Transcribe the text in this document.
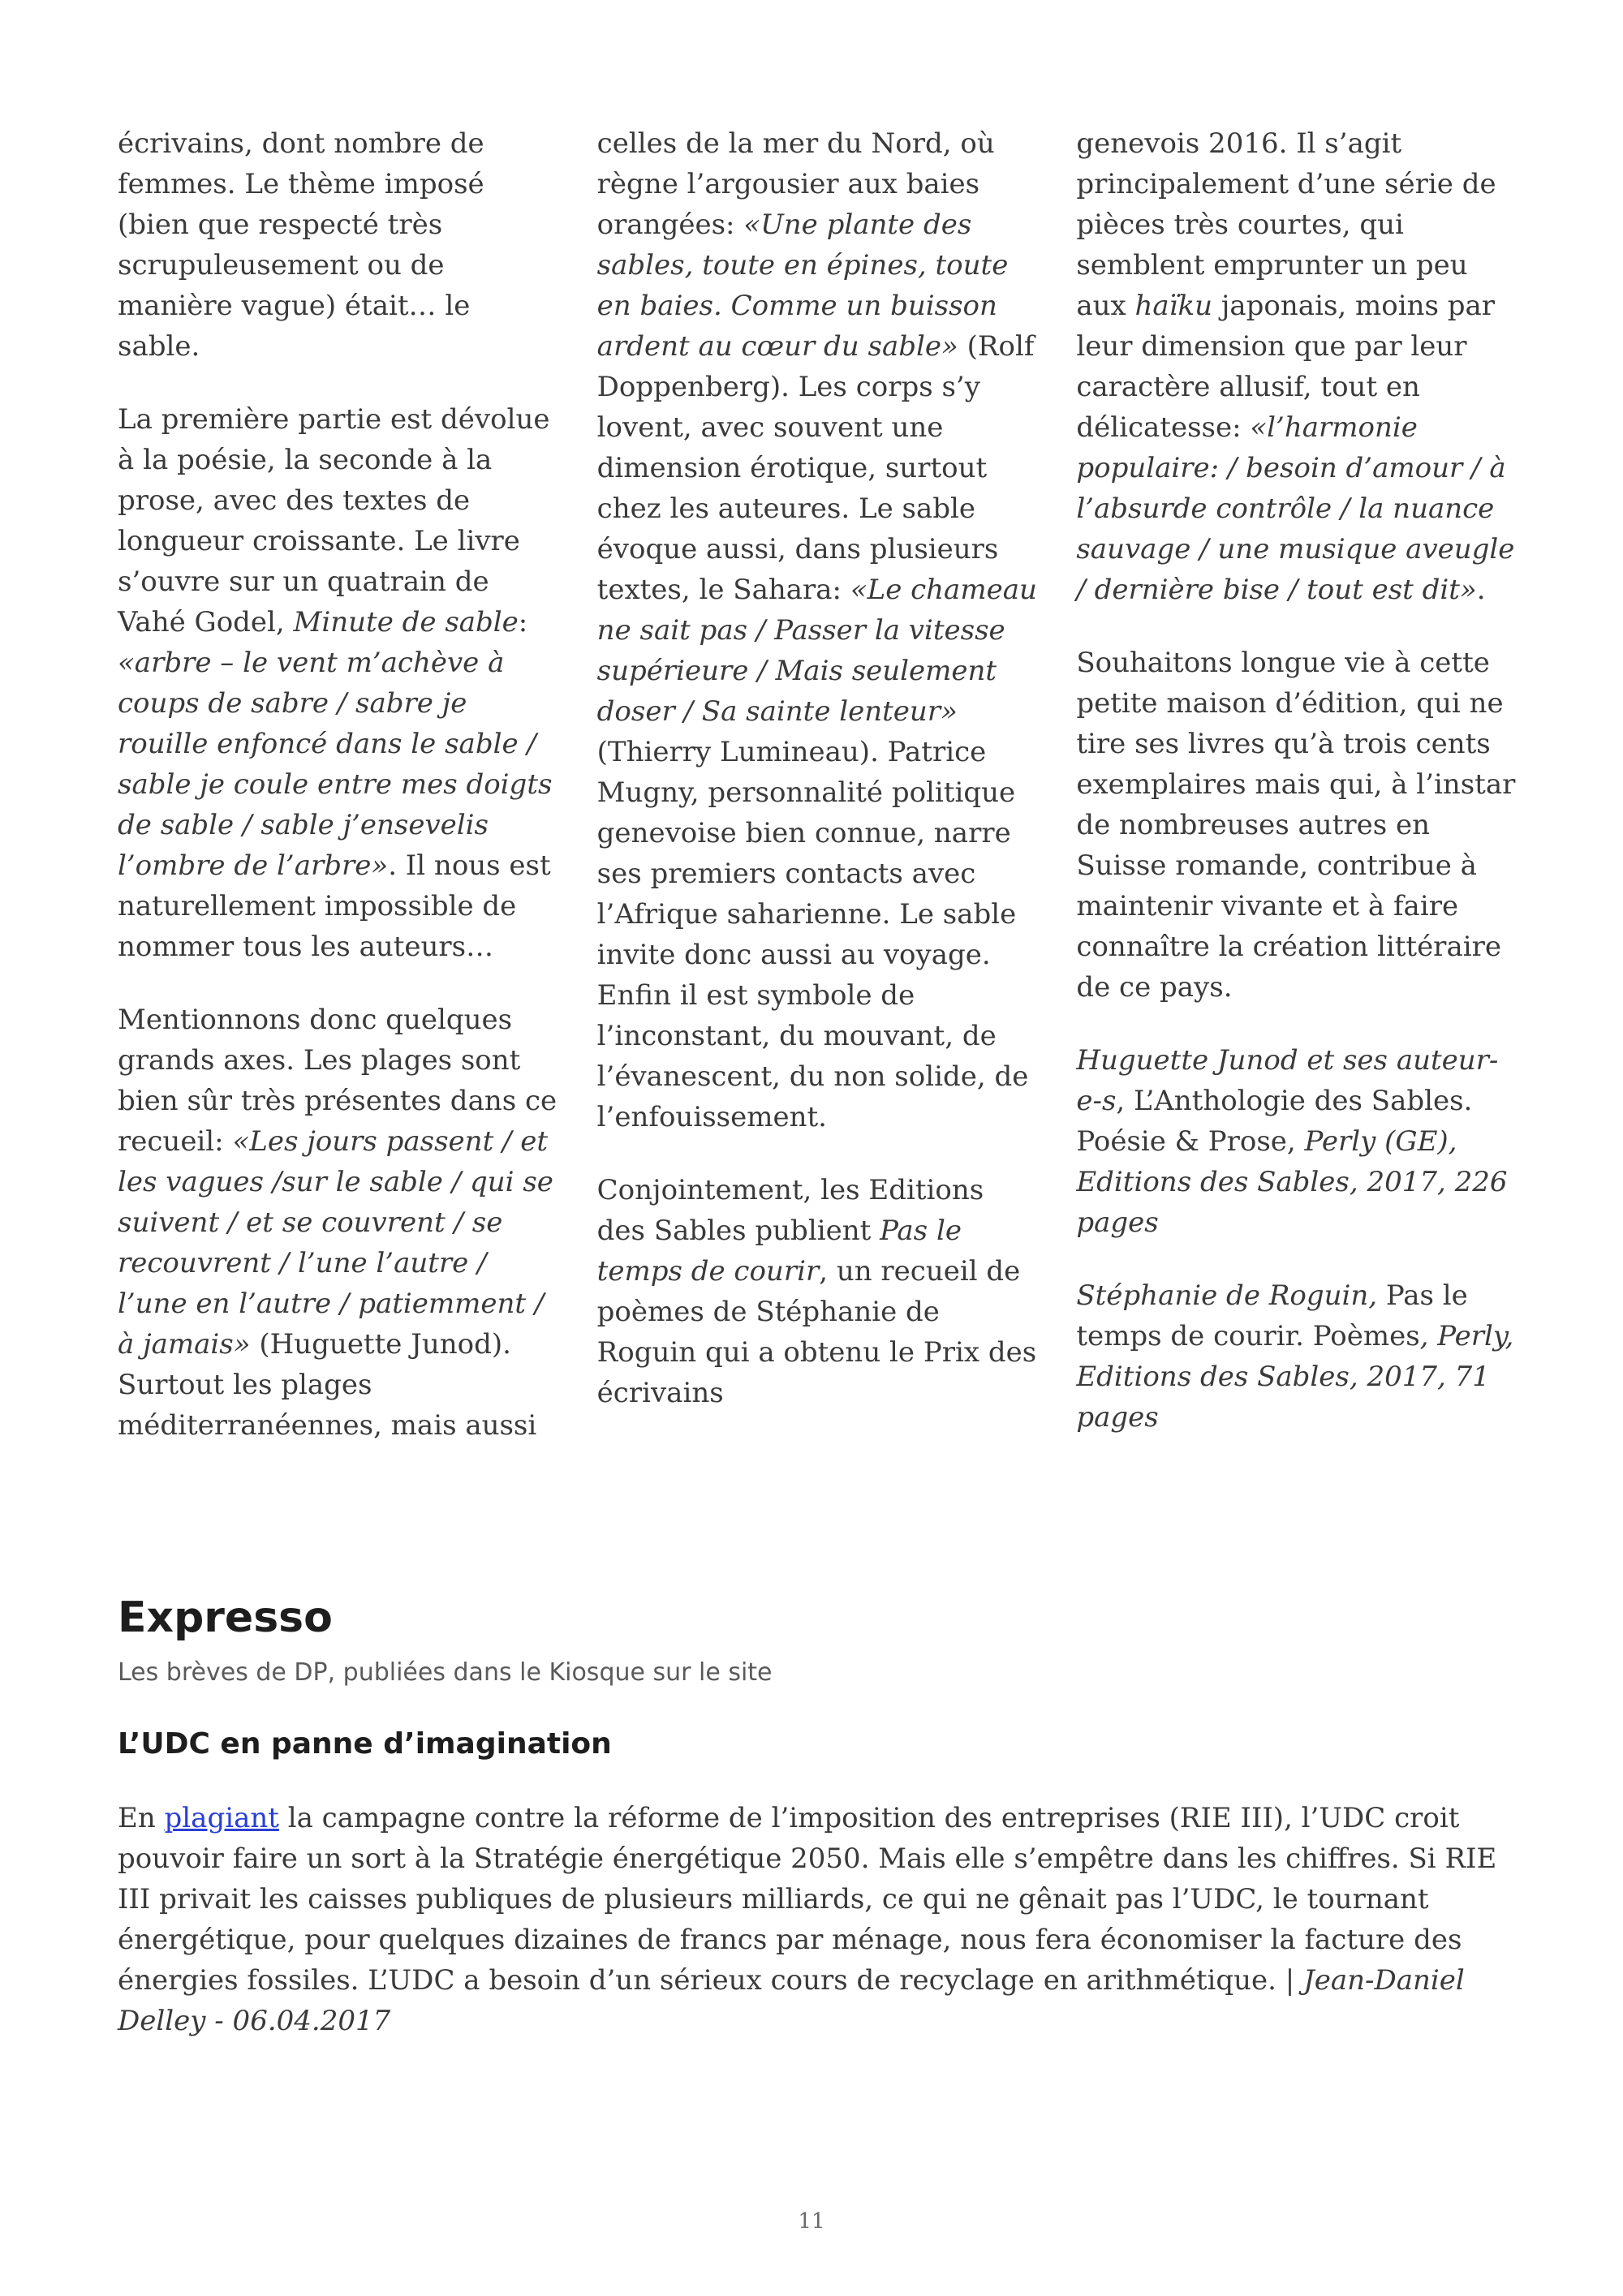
écrivains, dont nombre de femmes. Le thème imposé (bien que respecté très scrupuleusement ou de manière vague) était… le sable.

La première partie est dévolue à la poésie, la seconde à la prose, avec des textes de longueur croissante. Le livre s’ouvre sur un quatrain de Vahé Godel, Minute de sable: «arbre – le vent m’achève à coups de sabre / sabre je rouille enfoncé dans le sable / sable je coule entre mes doigts de sable / sable j’ensevelis l’ombre de l’arbre». Il nous est naturellement impossible de nommer tous les auteurs…

Mentionnons donc quelques grands axes. Les plages sont bien sûr très présentes dans ce recueil: «Les jours passent / et les vagues /sur le sable / qui se suivent / et se couvrent / se recouvrent / l’une l’autre / l’une en l’autre / patiemment / à jamais» (Huguette Junod). Surtout les plages méditerranéennes, mais aussi

celles de la mer du Nord, où règne l’argousier aux baies orangées: «Une plante des sables, toute en épines, toute en baies. Comme un buisson ardent au cœur du sable» (Rolf Doppenberg). Les corps s’y lovent, avec souvent une dimension érotique, surtout chez les auteures. Le sable évoque aussi, dans plusieurs textes, le Sahara: «Le chameau ne sait pas / Passer la vitesse supérieure / Mais seulement doser / Sa sainte lenteur» (Thierry Lumineau). Patrice Mugny, personnalité politique genevoise bien connue, narre ses premiers contacts avec l’Afrique saharienne. Le sable invite donc aussi au voyage. Enfin il est symbole de l’inconstant, du mouvant, de l’évanescent, du non solide, de l’enfouissement.

Conjointement, les Editions des Sables publient Pas le temps de courir, un recueil de poèmes de Stéphanie de Roguin qui a obtenu le Prix des écrivains

genevois 2016. Il s’agit principalement d’une série de pièces très courtes, qui semblent emprunter un peu aux haïku japonais, moins par leur dimension que par leur caractère allusif, tout en délicatesse: «l’harmonie populaire: / besoin d’amour / à l’absurde contrôle / la nuance sauvage / une musique aveugle / dernière bise / tout est dit».

Souhaitons longue vie à cette petite maison d’édition, qui ne tire ses livres qu’à trois cents exemplaires mais qui, à l’instar de nombreuses autres en Suisse romande, contribue à maintenir vivante et à faire connaître la création littéraire de ce pays.

Huguette Junod et ses auteur-e-s, L’Anthologie des Sables. Poésie & Prose, Perly (GE), Editions des Sables, 2017, 226 pages

Stéphanie de Roguin, Pas le temps de courir. Poèmes, Perly, Editions des Sables, 2017, 71 pages

Expresso

Les brèves de DP, publiées dans le Kiosque sur le site

L’UDC en panne d’imagination

En plagiant la campagne contre la réforme de l’imposition des entreprises (RIE III), l’UDC croit pouvoir faire un sort à la Stratégie énergétique 2050. Mais elle s’empêtre dans les chiffres. Si RIE III privait les caisses publiques de plusieurs milliards, ce qui ne gênait pas l’UDC, le tournant énergétique, pour quelques dizaines de francs par ménage, nous fera économiser la facture des énergies fossiles. L’UDC a besoin d’un sérieux cours de recyclage en arithmétique. | Jean-Daniel Delley - 06.04.2017

11
